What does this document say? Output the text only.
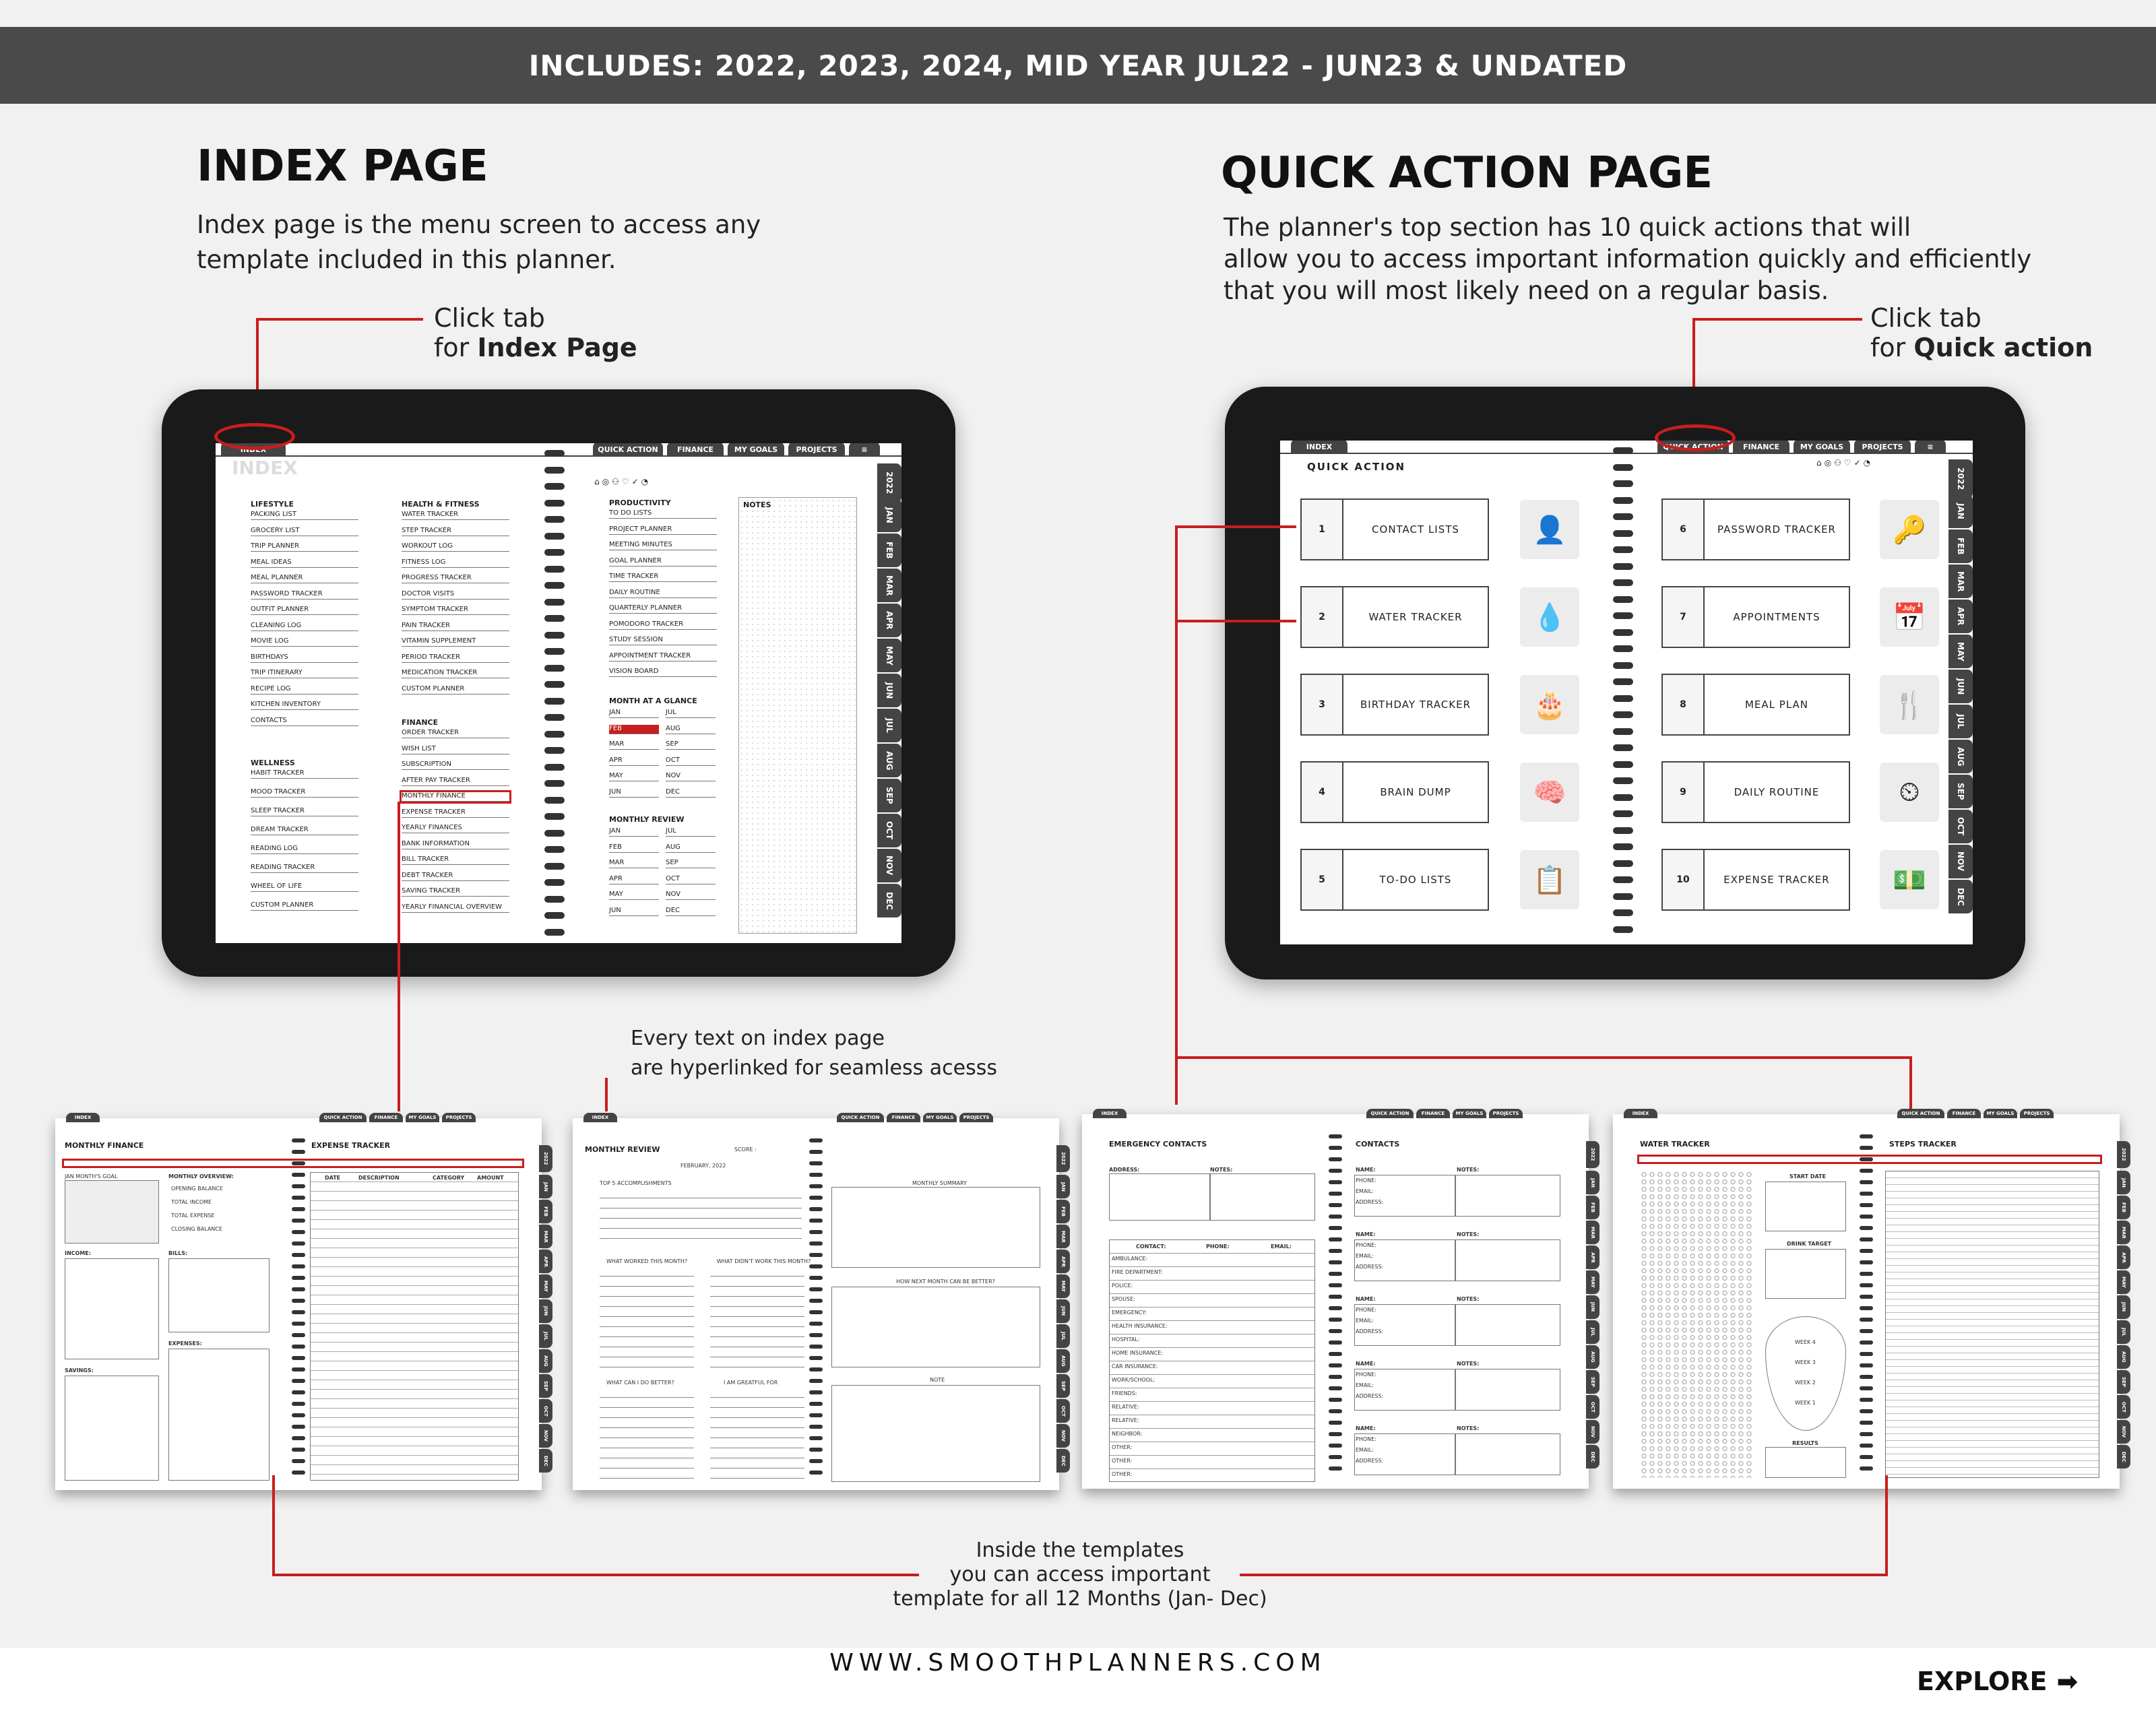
INCLUDES: 2022, 2023, 2024, MID YEAR JUL22 - JUN23 & UNDATED
INDEX PAGE
Index page is the menu screen to access any
template included in this planner.
Click tab
for Index Page
QUICK ACTION PAGE
The planner's top section has 10 quick actions that will
allow you to access important information quickly and efficiently
that you will most likely need on a regular basis.
Click tab
for Quick action
INDEX	QUICK ACTION	FINANCE	MY GOALS	PROJECTS	≡
INDEX
LIFESTYLE
PACKING LIST
GROCERY LIST
TRIP PLANNER
MEAL IDEAS
MEAL PLANNER
PASSWORD TRACKER
OUTFIT PLANNER
CLEANING LOG
MOVIE LOG
BIRTHDAYS
TRIP ITINERARY
RECIPE LOG
KITCHEN INVENTORY
CONTACTS
WELLNESS
HABIT TRACKER
MOOD TRACKER
SLEEP TRACKER
DREAM TRACKER
READING LOG
READING TRACKER
WHEEL OF LIFE
CUSTOM PLANNER
HEALTH & FITNESS
WATER TRACKER
STEP TRACKER
WORKOUT LOG
FITNESS LOG
PROGRESS TRACKER
DOCTOR VISITS
SYMPTOM TRACKER
PAIN TRACKER
VITAMIN SUPPLEMENT
PERIOD TRACKER
MEDICATION TRACKER
CUSTOM PLANNER
FINANCE
ORDER TRACKER
WISH LIST
SUBSCRIPTION
AFTER PAY TRACKER
MONTHLY FINANCE
EXPENSE TRACKER
YEARLY FINANCES
BANK INFORMATION
BILL TRACKER
DEBT TRACKER
SAVING TRACKER
YEARLY FINANCIAL OVERVIEW
PRODUCTIVITY
TO DO LISTS
PROJECT PLANNER
MEETING MINUTES
GOAL PLANNER
TIME TRACKER
DAILY ROUTINE
QUARTERLY PLANNER
POMODORO TRACKER
STUDY SESSION
APPOINTMENT TRACKER
VISION BOARD
MONTH AT A GLANCE
JAN	JUL
FEB	AUG
MAR	SEP
APR	OCT
MAY	NOV
JUN	DEC
MONTHLY REVIEW
JAN	JUL
FEB	AUG
MAR	SEP
APR	OCT
MAY	NOV
JUN	DEC
NOTES
2022
JAN
FEB
MAR
APR
MAY
JUN
JUL
AUG
SEP
OCT
NOV
DEC
⌂◎⚇♡✓◔
INDEX	QUICK ACTION	FINANCE	MY GOALS	PROJECTS	≡
QUICK ACTION	⌂◎⚇♡✓◔
1	CONTACT LISTS	👤
2	WATER TRACKER	💧
3	BIRTHDAY TRACKER	🎂
4	BRAIN DUMP	🧠
5	TO-DO LISTS	📋
6	PASSWORD TRACKER	🔑
7	APPOINTMENTS	📅
8	MEAL PLAN	🍴
9	DAILY ROUTINE	⏲
10	EXPENSE TRACKER	💵
2022
JAN
FEB
MAR
APR
MAY
JUN
JUL
AUG
SEP
OCT
NOV
DEC
Every text on index page
are hyperlinked for seamless acesss
MONTHLY FINANCE	EXPENSE TRACKER
JAN MONTH'S GOAL	MONTHLY OVERVIEW:
OPENING BALANCE
TOTAL INCOME
TOTAL EXPENSE
CLOSING BALANCE
INCOME:	BILLS:
EXPENSES:
SAVINGS:
DATE	DESCRIPTION	CATEGORY AMOUNT
MONTHLY REVIEW	SCORE :
FEBRUARY, 2022
TOP 5 ACCOMPLISHMENTS
WHAT WORKED THIS MONTH?	WHAT DIDN'T WORK THIS MONTH?
WHAT CAN I DO BETTER?	I AM GREATFUL FOR
MONTHLY SUMMARY
HOW NEXT MONTH CAN BE BETTER?
NOTE
EMERGENCY CONTACTS	CONTACTS
ADDRESS:	NOTES:
CONTACT:	PHONE:	EMAIL:
AMBULANCE:
FIRE DEPARTMENT:
POLICE:
SPOUSE:
EMERGENCY:
HEALTH INSURANCE:
HOSPITAL:
HOME INSURANCE:
CAR INSURANCE:
WORK/SCHOOL:
FRIENDS:
RELATIVE:
RELATIVE:
NEIGHBOR:
OTHER:
OTHER:
OTHER:
NAME:	NOTES:
PHONE:
EMAIL:
ADDRESS:
NAME:	NOTES:
PHONE:
EMAIL:
ADDRESS:
NAME:	NOTES:
PHONE:
EMAIL:
ADDRESS:
NAME:	NOTES:
PHONE:
EMAIL:
ADDRESS:
NAME:	NOTES:
PHONE:
EMAIL:
ADDRESS:
WATER TRACKER	STEPS TRACKER
START DATE
DRINK TARGET
WEEK 4
WEEK 3
WEEK 2
WEEK 1
RESULTS
INDEX	QUICK ACTION	FINANCE	MY GOALS	PROJECTS
2022
JAN
FEB
MAR
APR
MAY
JUN
JUL
AUG
SEP
OCT
NOV
DEC
INDEX	QUICK ACTION	FINANCE	MY GOALS	PROJECTS
2022
JAN
FEB
MAR
APR
MAY
JUN
JUL
AUG
SEP
OCT
NOV
DEC
INDEX	QUICK ACTION	FINANCE	MY GOALS	PROJECTS
2022
JAN
FEB
MAR
APR
MAY
JUN
JUL
AUG
SEP
OCT
NOV
DEC
INDEX	QUICK ACTION	FINANCE	MY GOALS	PROJECTS
2022
JAN
FEB
MAR
APR
MAY
JUN
JUL
AUG
SEP
OCT
NOV
DEC
Inside the templates
you can access important
template for all 12 Months (Jan- Dec)
WWW.SMOOTHPLANNERS.COM
EXPLORE ➡
